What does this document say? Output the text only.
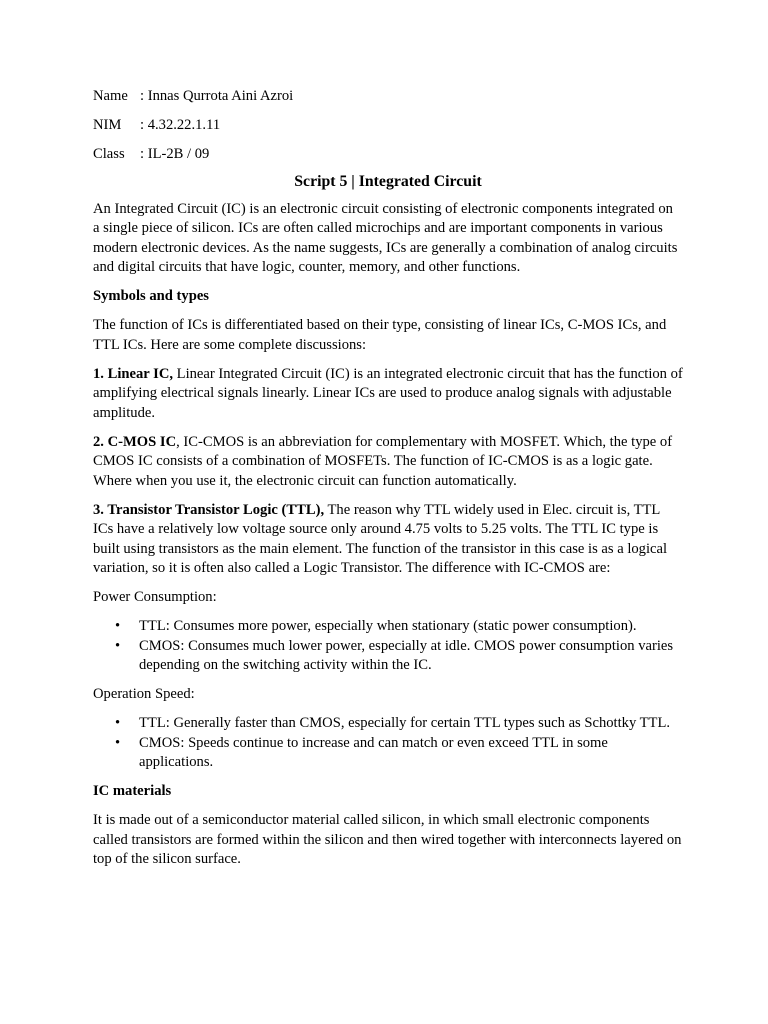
Name : Innas Qurrota Aini Azroi
NIM	: 4.32.22.1.11
Class	: IL-2B / 09
Script 5 | Integrated Circuit

An Integrated Circuit (IC) is an electronic circuit consisting of electronic components integrated on a single piece of silicon. ICs are often called microchips and are important components in various modern electronic devices. As the name suggests, ICs are generally a combination of analog circuits and digital circuits that have logic, counter, memory, and other functions.

Symbols and types

The function of ICs is differentiated based on their type, consisting of linear ICs, C-MOS ICs, and TTL ICs. Here are some complete discussions:

1. Linear IC, Linear Integrated Circuit (IC) is an integrated electronic circuit that has the function of amplifying electrical signals linearly. Linear ICs are used to produce analog signals with adjustable amplitude.

2. C-MOS IC, IC-CMOS is an abbreviation for complementary with MOSFET. Which, the type of CMOS IC consists of a combination of MOSFETs. The function of IC-CMOS is as a logic gate. Where when you use it, the electronic circuit can function automatically.

3. Transistor Transistor Logic (TTL), The reason why TTL widely used in Elec. circuit is, TTL ICs have a relatively low voltage source only around 4.75 volts to 5.25 volts. The TTL IC type is built using transistors as the main element. The function of the transistor in this case is as a logical variation, so it is often also called a Logic Transistor. The difference with IC-CMOS are:

Power Consumption:

• TTL: Consumes more power, especially when stationary (static power consumption).
• CMOS: Consumes much lower power, especially at idle. CMOS power consumption varies depending on the switching activity within the IC.

Operation Speed:

• TTL: Generally faster than CMOS, especially for certain TTL types such as Schottky TTL.
• CMOS: Speeds continue to increase and can match or even exceed TTL in some applications.

IC materials

It is made out of a semiconductor material called silicon, in which small electronic components called transistors are formed within the silicon and then wired together with interconnects layered on top of the silicon surface.
